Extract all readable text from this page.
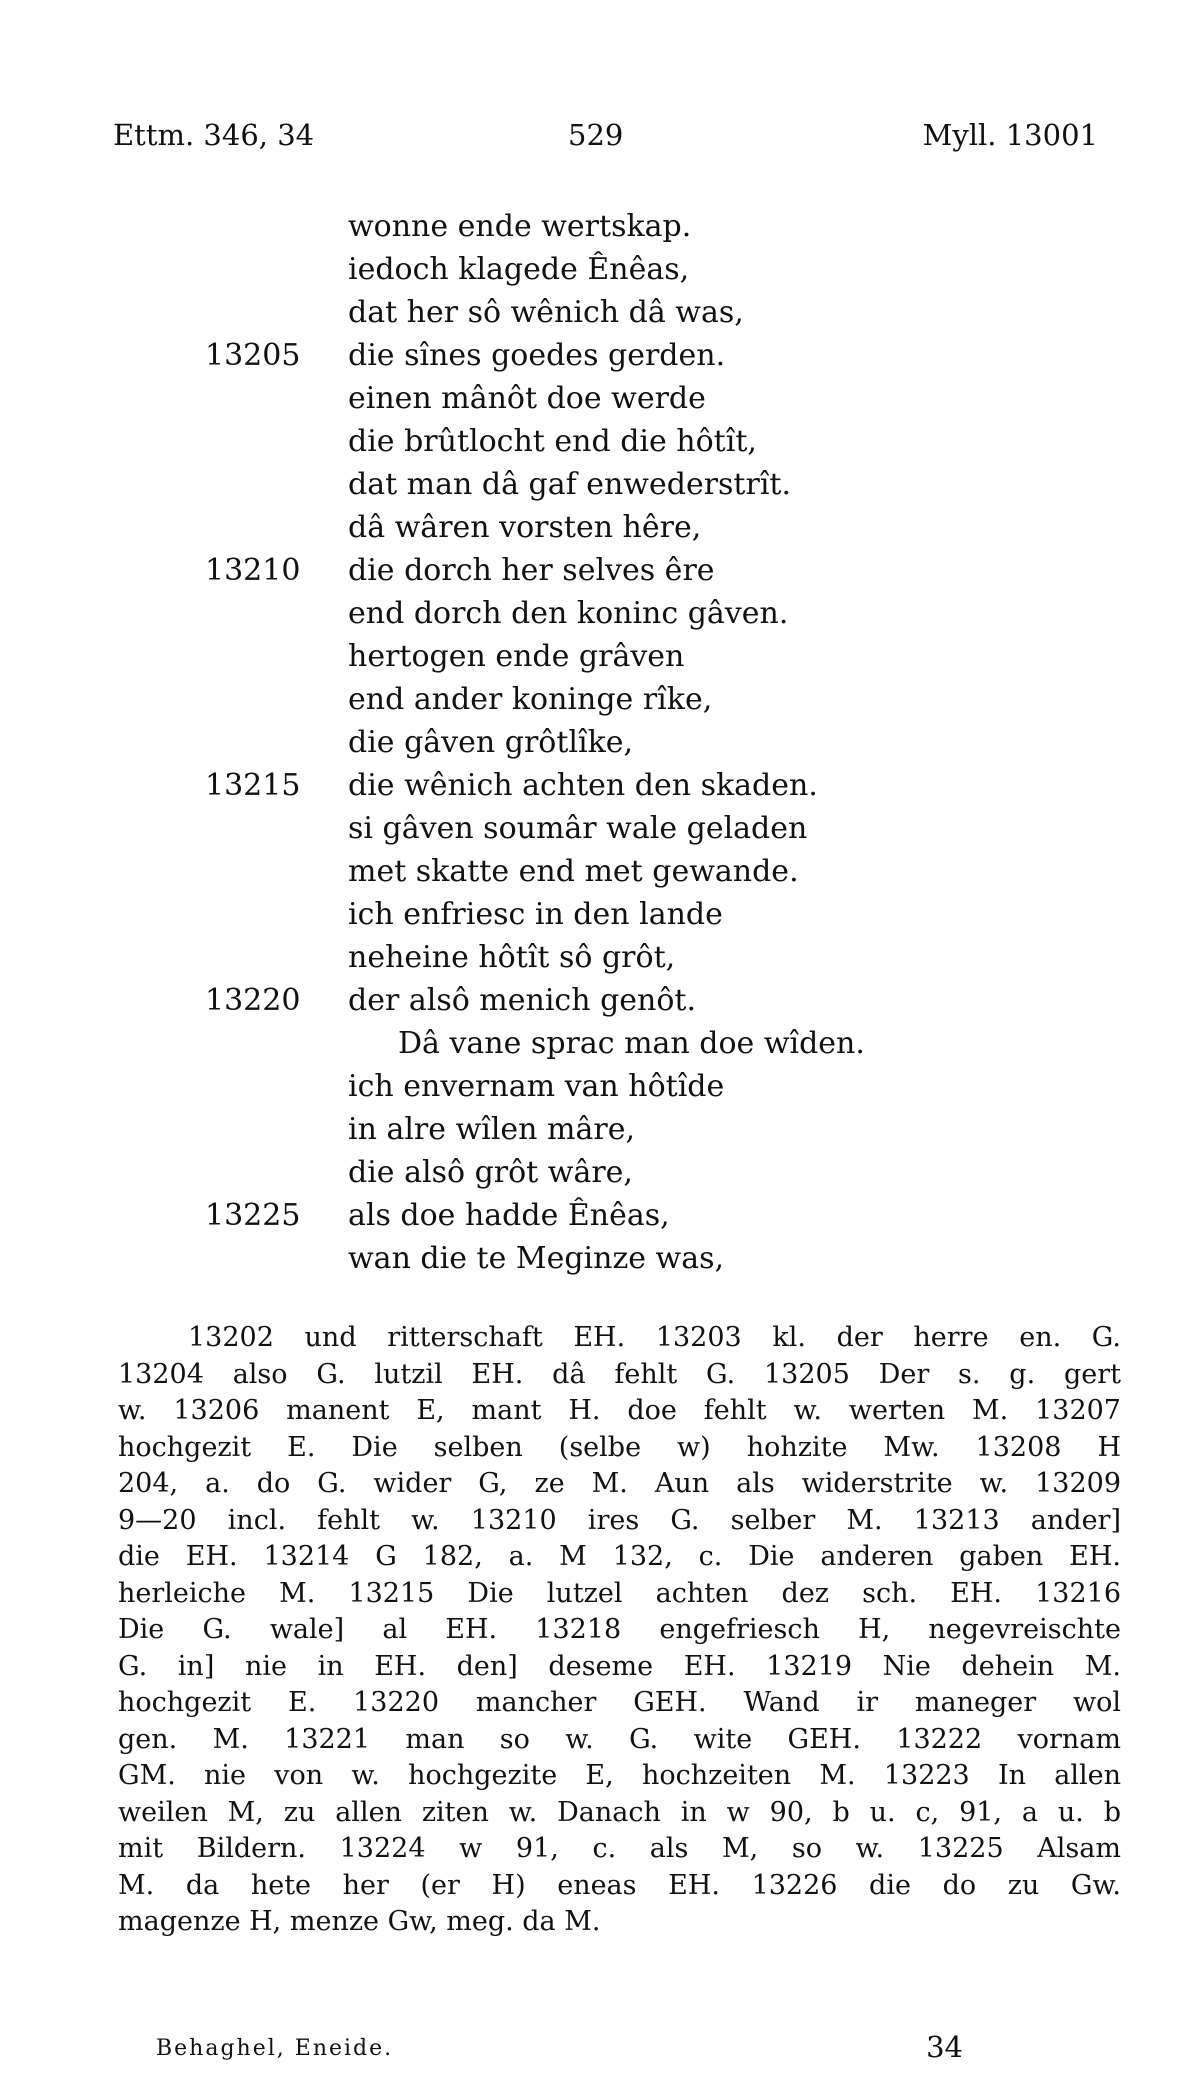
Ettm. 346, 34	529	Myll. 13001
wonne ende wertskap.
iedoch klagede Ênêas,
dat her sô wênich dâ was,
13205 die sînes goedes gerden.
einen mânôt doe werde
die brûtlocht end die hôtît,
dat man dâ gaf enwederstrît.
dâ wâren vorsten hêre,
13210 die dorch her selves êre
end dorch den koninc gâven.
hertogen ende grâven
end ander koninge rîke,
die gâven grôtlîke,
13215 die wênich achten den skaden.
si gâven soumâr wale geladen
met skatte end met gewande.
ich enfriesc in den lande
neheine hôtît sô grôt,
13220 der alsô menich genôt.
Dâ vane sprac man doe wîden.
ich envernam van hôtîde
in alre wîlen mâre,
die alsô grôt wâre,
13225 als doe hadde Ênêas,
wan die te Meginze was,
13202 und ritterschaft EH. 13203 kl. der herre en. G.
13204 also G. lutzil EH. dâ fehlt G. 13205 Der s. g. gert
w. 13206 manent E, mant H. doe fehlt w. werten M. 13207
hochgezit E. Die selben (selbe w) hohzite Mw. 13208 H
204, a. do G. wider G, ze M. Aun als widerstrite w. 13209
9—20 incl. fehlt w. 13210 ires G. selber M. 13213 ander]
die EH. 13214 G 182, a. M 132, c. Die anderen gaben EH.
herleiche M. 13215 Die lutzel achten dez sch. EH. 13216
Die G. wale] al EH. 13218 engefriesch H, negevreischte
G. in] nie in EH. den] deseme EH. 13219 Nie dehein M.
hochgezit E. 13220 mancher GEH. Wand ir maneger wol
gen. M. 13221 man so w. G. wite GEH. 13222 vornam
GM. nie von w. hochgezite E, hochzeiten M. 13223 In allen
weilen M, zu allen ziten w. Danach in w 90, b u. c, 91, a u. b
mit Bildern. 13224 w 91, c. als M, so w. 13225 Alsam
M. da hete her (er H) eneas EH. 13226 die do zu Gw.
magenze H, menze Gw, meg. da M.
Behaghel, Eneide.	34
